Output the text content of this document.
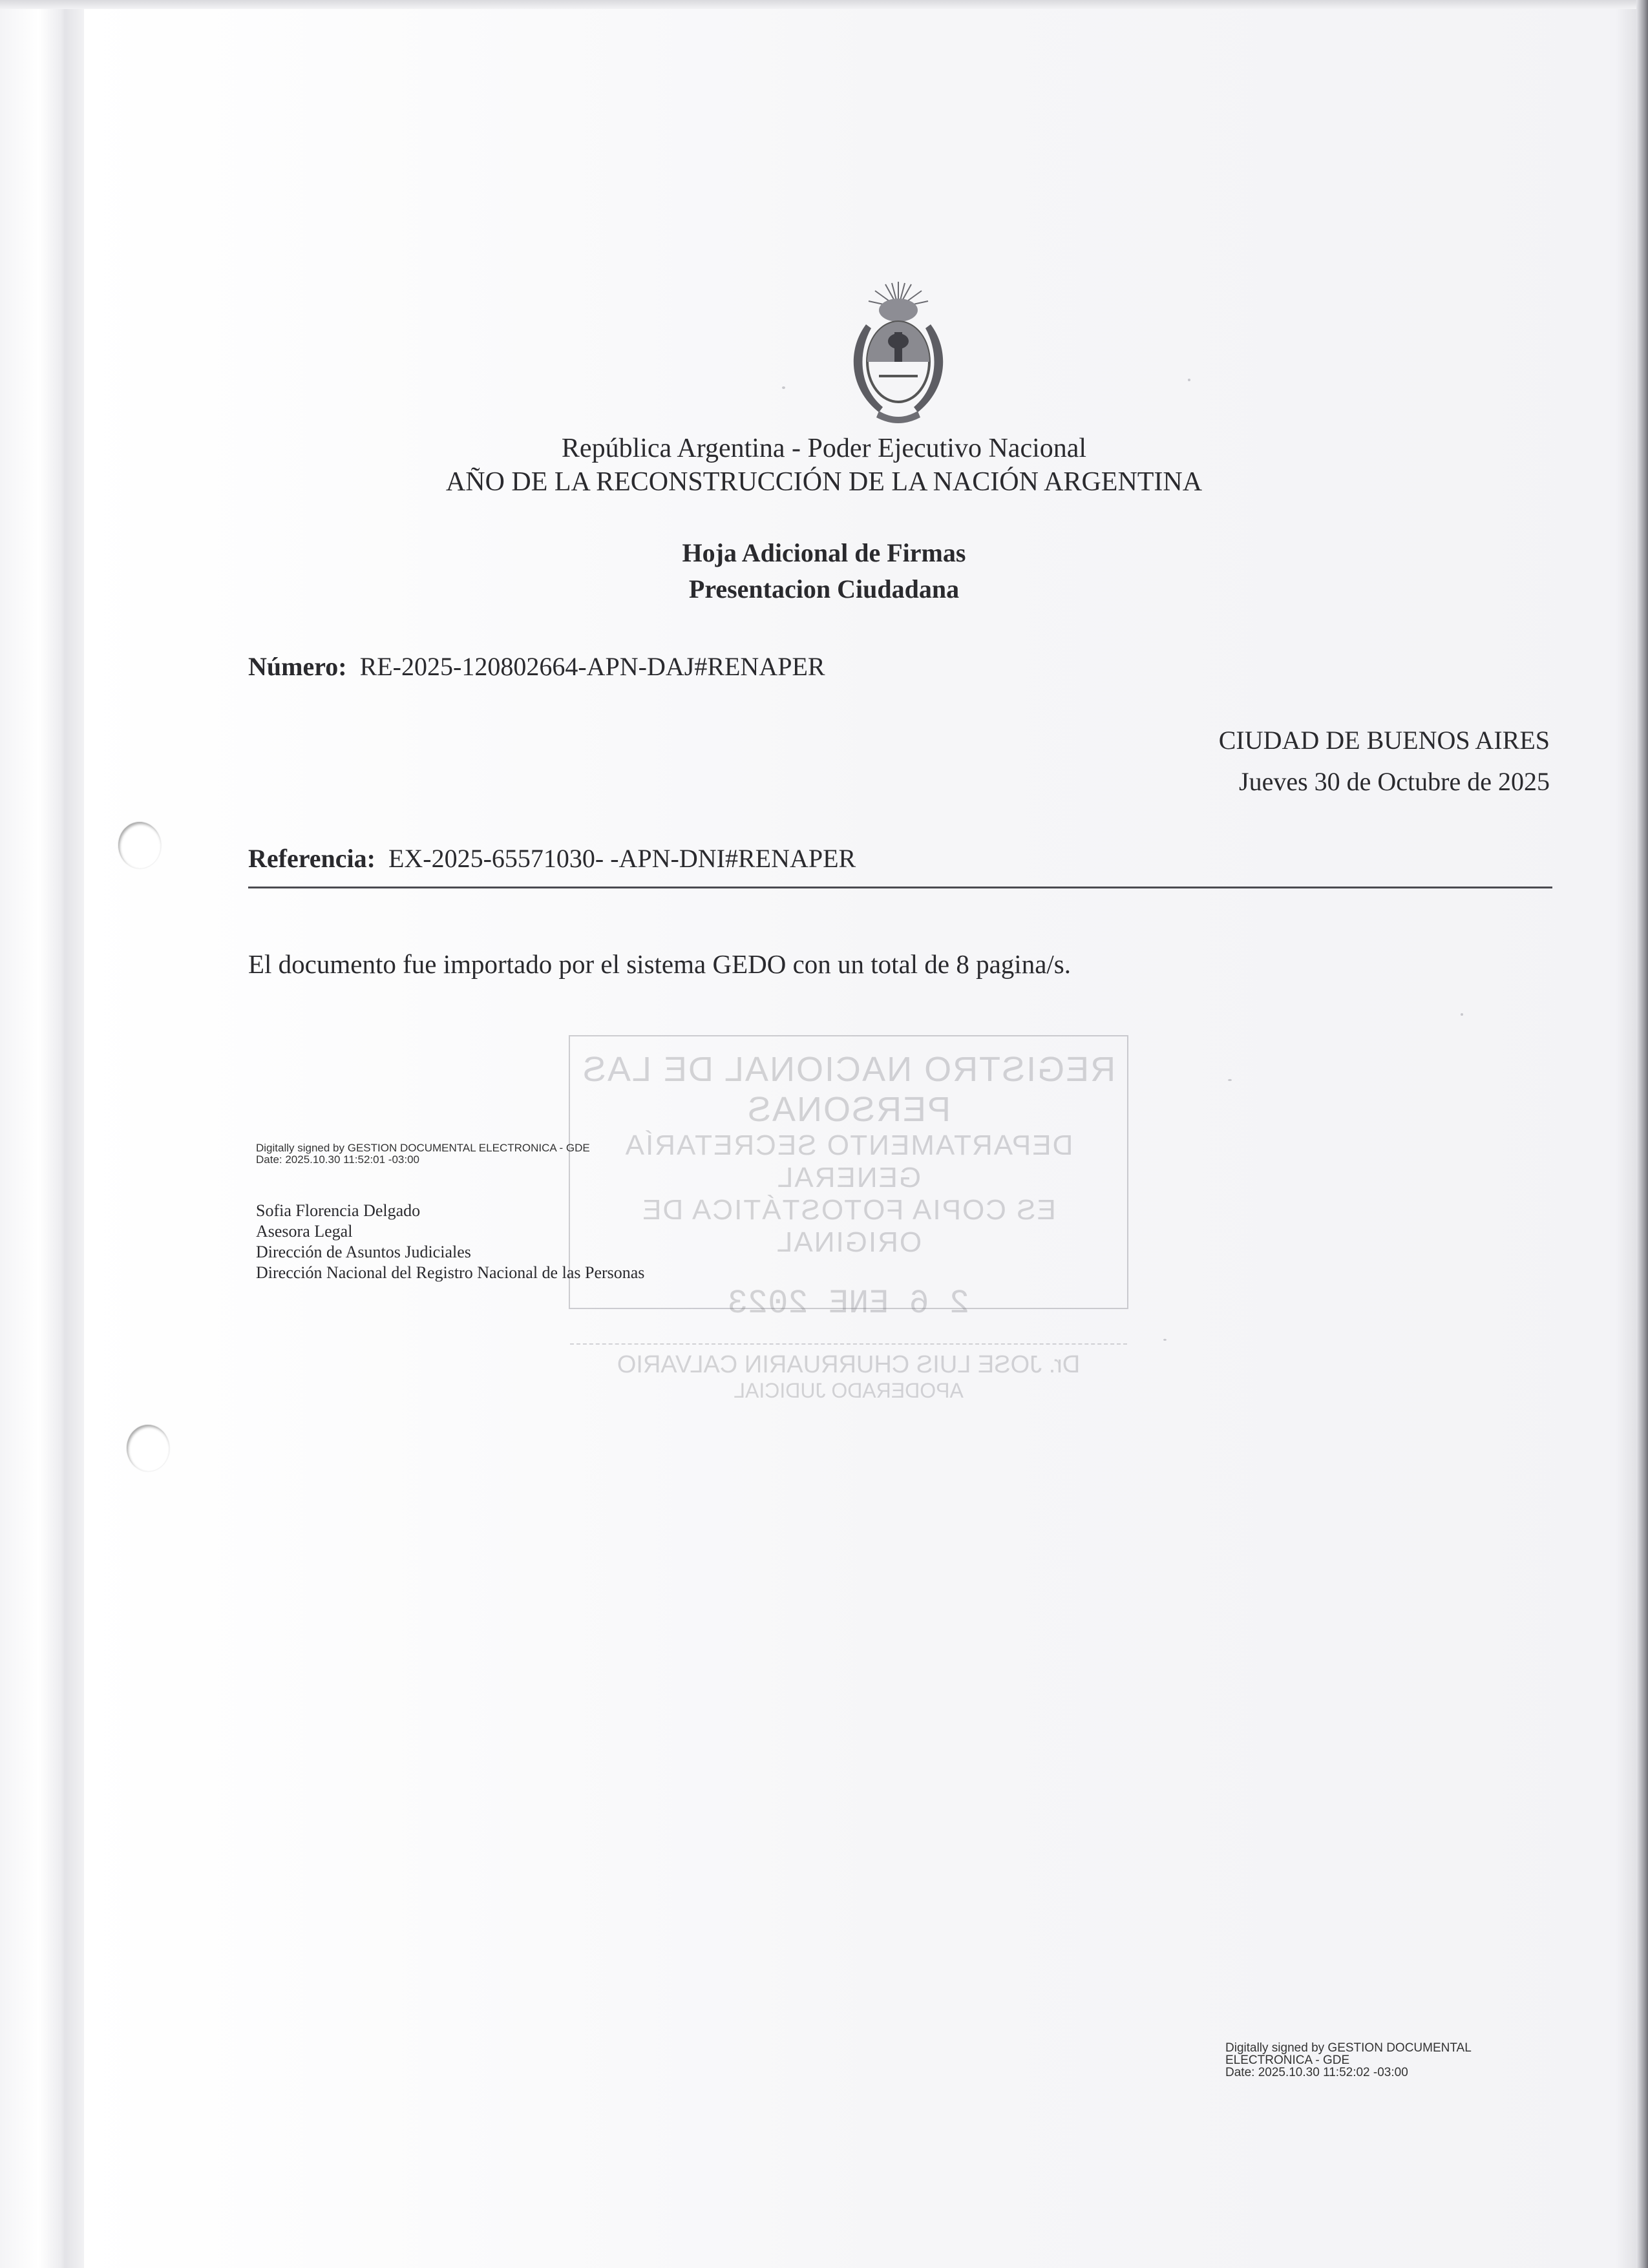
República Argentina - Poder Ejecutivo Nacional
AÑO DE LA RECONSTRUCCIÓN DE LA NACIÓN ARGENTINA
Hoja Adicional de Firmas
Presentacion Ciudadana
Número: RE-2025-120802664-APN-DAJ#RENAPER
CIUDAD DE BUENOS AIRES
Jueves 30 de Octubre de 2025
Referencia: EX-2025-65571030- -APN-DNI#RENAPER
El documento fue importado por el sistema GEDO con un total de 8 pagina/s.
REGISTRO NACIONAL DE LAS PERSONAS
DEPARTAMENTO SECRETARÍA GENERAL
ES COPIA FOTOSTÁTICA DE ORIGINAL
2 6 ENE 2023
Dr. JOSE LUIS CHURRUARIN CALVARIO
APODERADO JUDICIAL
Digitally signed by GESTION DOCUMENTAL ELECTRONICA - GDE
Date: 2025.10.30 11:52:01 -03:00
Sofia Florencia Delgado
Asesora Legal
Dirección de Asuntos Judiciales
Dirección Nacional del Registro Nacional de las Personas
Digitally signed by GESTION DOCUMENTAL
ELECTRONICA - GDE
Date: 2025.10.30 11:52:02 -03:00
